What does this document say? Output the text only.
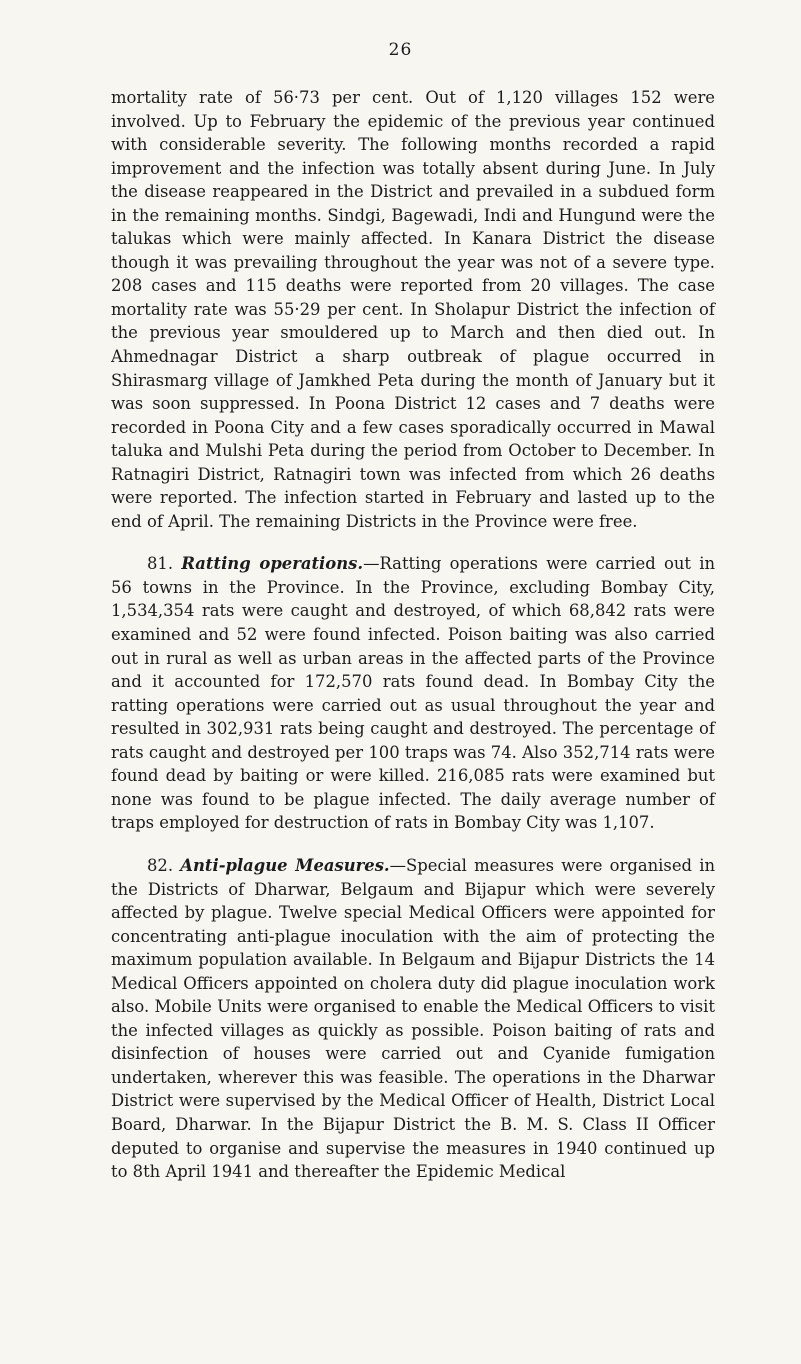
26

mortality rate of 56·73 per cent. Out of 1,120 villages 152 were involved. Up to February the epidemic of the previous year continued with considerable severity. The following months recorded a rapid improvement and the infection was totally absent during June. In July the disease reappeared in the District and prevailed in a subdued form in the remaining months. Sindgi, Bagewadi, Indi and Hungund were the talukas which were mainly affected. In Kanara District the disease though it was prevailing throughout the year was not of a severe type. 208 cases and 115 deaths were reported from 20 villages. The case mortality rate was 55·29 per cent. In Sholapur District the infection of the previous year smouldered up to March and then died out. In Ahmednagar District a sharp outbreak of plague occurred in Shirasmarg village of Jamkhed Peta during the month of January but it was soon suppressed. In Poona District 12 cases and 7 deaths were recorded in Poona City and a few cases sporadically occurred in Mawal taluka and Mulshi Peta during the period from October to December. In Ratnagiri District, Ratnagiri town was infected from which 26 deaths were reported. The infection started in February and lasted up to the end of April. The remaining Districts in the Province were free.

81. Ratting operations.—Ratting operations were carried out in 56 towns in the Province. In the Province, excluding Bombay City, 1,534,354 rats were caught and destroyed, of which 68,842 rats were examined and 52 were found infected. Poison baiting was also carried out in rural as well as urban areas in the affected parts of the Province and it accounted for 172,570 rats found dead. In Bombay City the ratting operations were carried out as usual throughout the year and resulted in 302,931 rats being caught and destroyed. The percentage of rats caught and destroyed per 100 traps was 74. Also 352,714 rats were found dead by baiting or were killed. 216,085 rats were examined but none was found to be plague infected. The daily average number of traps employed for destruction of rats in Bombay City was 1,107.

82. Anti-plague Measures.—Special measures were organised in the Districts of Dharwar, Belgaum and Bijapur which were severely affected by plague. Twelve special Medical Officers were appointed for concentrating anti-plague inoculation with the aim of protecting the maximum population available. In Belgaum and Bijapur Districts the 14 Medical Officers appointed on cholera duty did plague inoculation work also. Mobile Units were organised to enable the Medical Officers to visit the infected villages as quickly as possible. Poison baiting of rats and disinfection of houses were carried out and Cyanide fumigation undertaken, wherever this was feasible. The operations in the Dharwar District were supervised by the Medical Officer of Health, District Local Board, Dharwar. In the Bijapur District the B. M. S. Class II Officer deputed to organise and supervise the measures in 1940 continued up to 8th April 1941 and thereafter the Epidemic Medical
